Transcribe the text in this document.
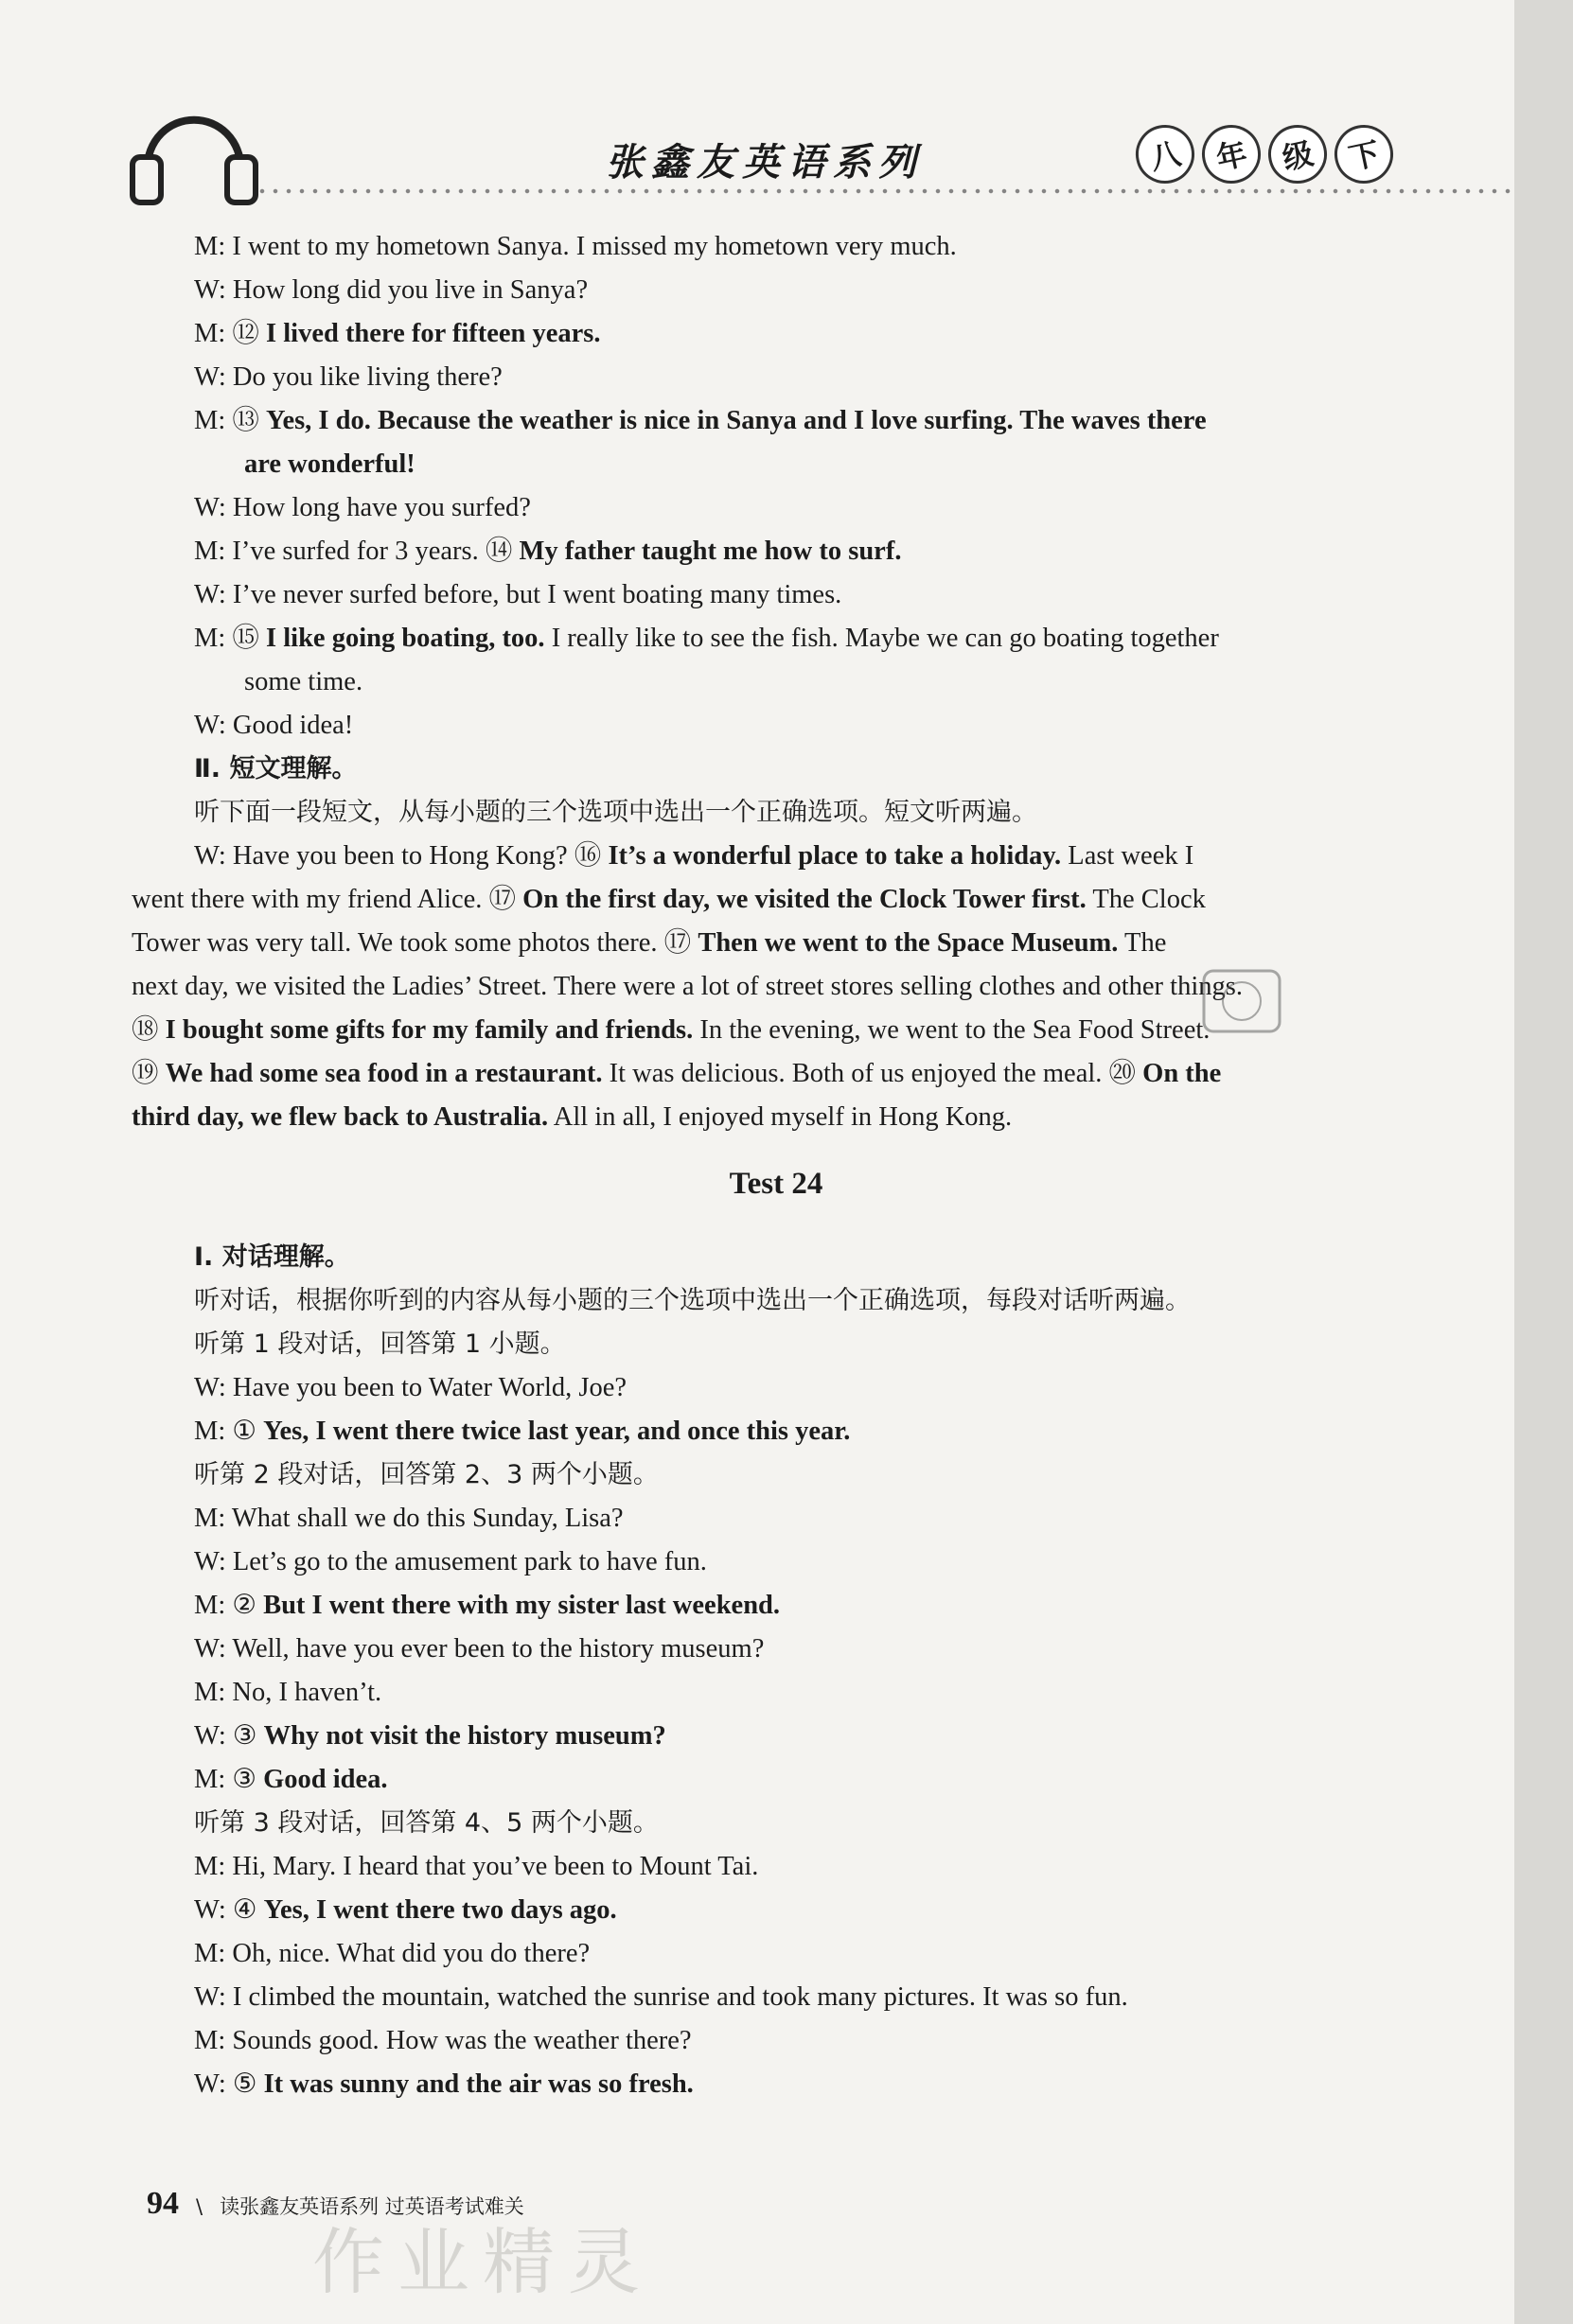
张鑫友英语系列	八 年 级 下
M: I went to my hometown Sanya. I missed my hometown very much.
W: How long did you live in Sanya?
M: ⑫ I lived there for fifteen years.
W: Do you like living there?
M: ⑬ Yes, I do. Because the weather is nice in Sanya and I love surfing. The waves there
are wonderful!
W: How long have you surfed?
M: I’ve surfed for 3 years. ⑭ My father taught me how to surf.
W: I’ve never surfed before, but I went boating many times.
M: ⑮ I like going boating, too. I really like to see the fish. Maybe we can go boating together
some time.
W: Good idea!
Ⅱ. 短文理解。
听下面一段短文，从每小题的三个选项中选出一个正确选项。短文听两遍。
W: Have you been to Hong Kong? ⑯ It’s a wonderful place to take a holiday. Last week I
went there with my friend Alice. ⑰ On the first day, we visited the Clock Tower first. The Clock
Tower was very tall. We took some photos there. ⑰ Then we went to the Space Museum. The
next day, we visited the Ladies’ Street. There were a lot of street stores selling clothes and other things.
⑱ I bought some gifts for my family and friends. In the evening, we went to the Sea Food Street.
⑲ We had some sea food in a restaurant. It was delicious. Both of us enjoyed the meal. ⑳ On the
third day, we flew back to Australia. All in all, I enjoyed myself in Hong Kong.
Test 24
Ⅰ. 对话理解。
听对话，根据你听到的内容从每小题的三个选项中选出一个正确选项，每段对话听两遍。
听第 1 段对话，回答第 1 小题。
W: Have you been to Water World, Joe?
M: ① Yes, I went there twice last year, and once this year.
听第 2 段对话，回答第 2、3 两个小题。
M: What shall we do this Sunday, Lisa?
W: Let’s go to the amusement park to have fun.
M: ② But I went there with my sister last weekend.
W: Well, have you ever been to the history museum?
M: No, I haven’t.
W: ③ Why not visit the history museum?
M: ③ Good idea.
听第 3 段对话，回答第 4、5 两个小题。
M: Hi, Mary. I heard that you’ve been to Mount Tai.
W: ④ Yes, I went there two days ago.
M: Oh, nice. What did you do there?
W: I climbed the mountain, watched the sunrise and took many pictures. It was so fun.
M: Sounds good. How was the weather there?
W: ⑤ It was sunny and the air was so fresh.
94 \ 读张鑫友英语系列 过英语考试难关
作业精灵
